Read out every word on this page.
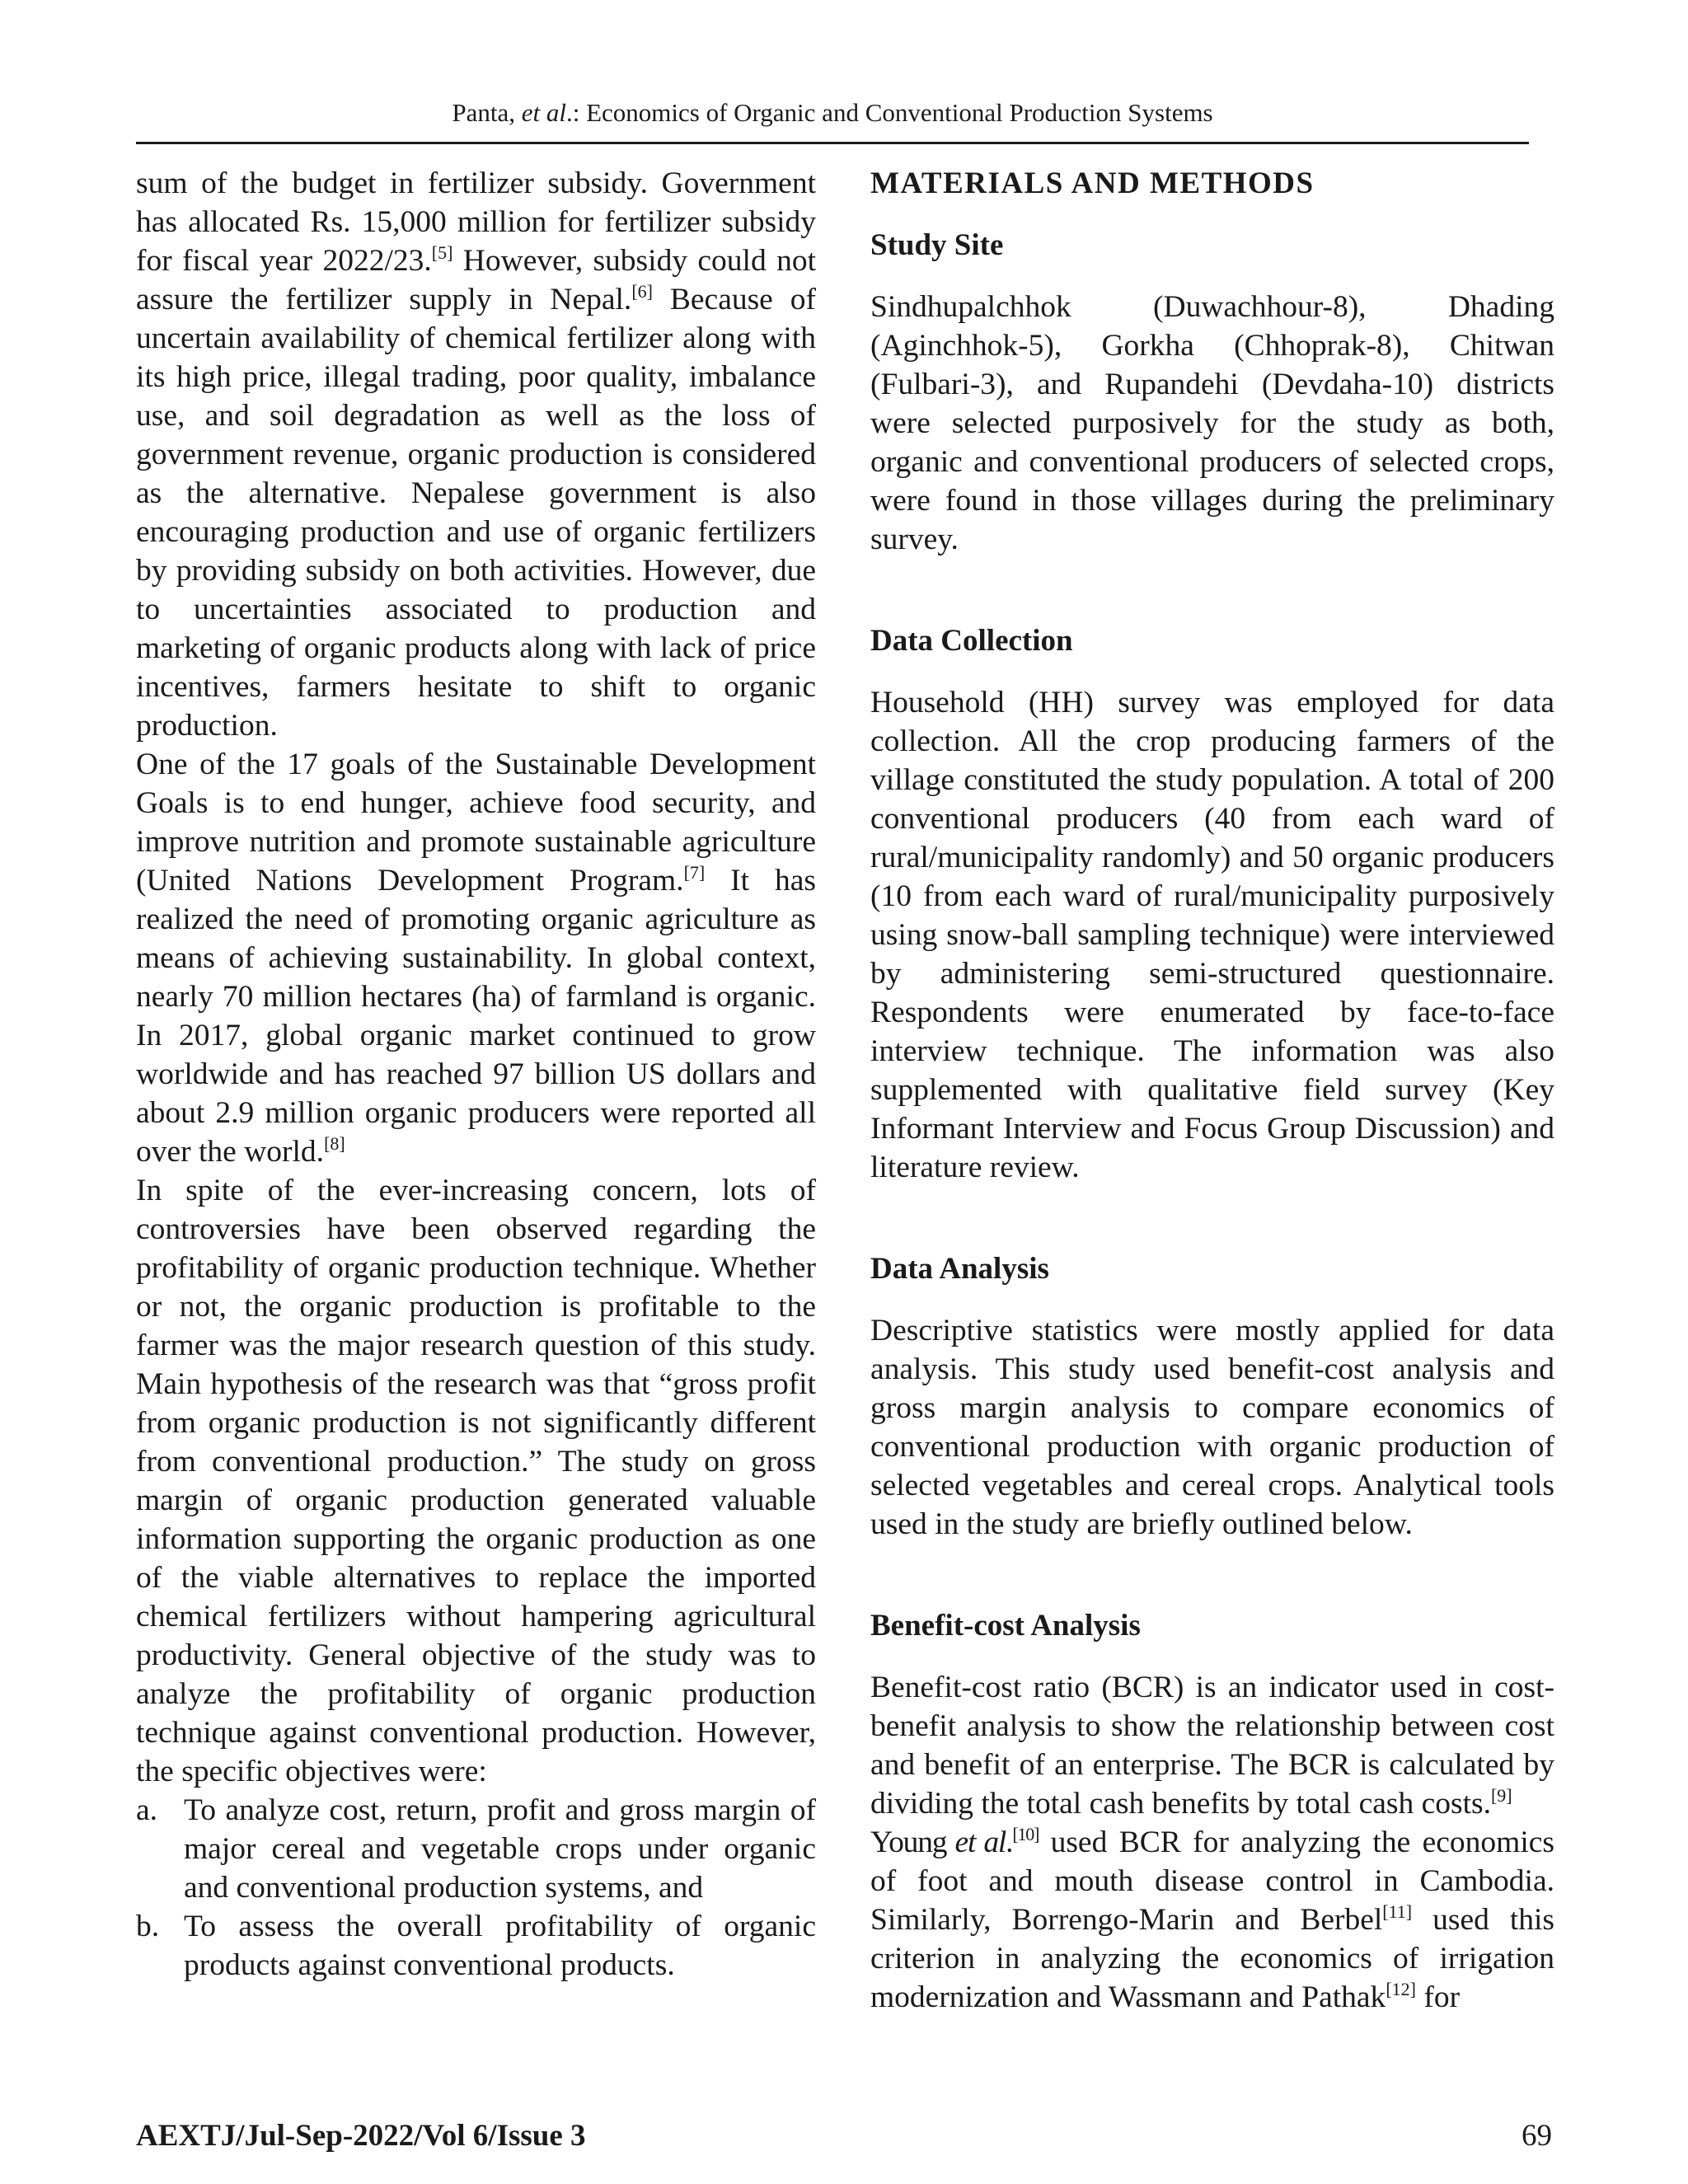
Panta, et al.: Economics of Organic and Conventional Production Systems

sum of the budget in fertilizer subsidy. Government has allocated Rs. 15,000 million for fertilizer subsidy for fiscal year 2022/23.[5] However, subsidy could not assure the fertilizer supply in Nepal.[6] Because of uncertain availability of chemical fertilizer along with its high price, illegal trading, poor quality, imbalance use, and soil degradation as well as the loss of government revenue, organic production is considered as the alternative. Nepalese government is also encouraging production and use of organic fertilizers by providing subsidy on both activities. However, due to uncertainties associated to production and marketing of organic products along with lack of price incentives, farmers hesitate to shift to organic production.

One of the 17 goals of the Sustainable Development Goals is to end hunger, achieve food security, and improve nutrition and promote sustainable agriculture (United Nations Development Program.[7] It has realized the need of promoting organic agriculture as means of achieving sustainability. In global context, nearly 70 million hectares (ha) of farmland is organic. In 2017, global organic market continued to grow worldwide and has reached 97 billion US dollars and about 2.9 million organic producers were reported all over the world.[8]

In spite of the ever-increasing concern, lots of controversies have been observed regarding the profitability of organic production technique. Whether or not, the organic production is profitable to the farmer was the major research question of this study. Main hypothesis of the research was that “gross profit from organic production is not significantly different from conventional production.” The study on gross margin of organic production generated valuable information supporting the organic production as one of the viable alternatives to replace the imported chemical fertilizers without hampering agricultural productivity. General objective of the study was to analyze the profitability of organic production technique against conventional production. However, the specific objectives were:

a. To analyze cost, return, profit and gross margin of major cereal and vegetable crops under organic and conventional production systems, and
b. To assess the overall profitability of organic products against conventional products.
MATERIALS AND METHODS
Study Site

Sindhupalchhok (Duwachhour-8), Dhading (Aginchhok-5), Gorkha (Chhoprak-8), Chitwan (Fulbari-3), and Rupandehi (Devdaha-10) districts were selected purposively for the study as both, organic and conventional producers of selected crops, were found in those villages during the preliminary survey.

Data Collection

Household (HH) survey was employed for data collection. All the crop producing farmers of the village constituted the study population. A total of 200 conventional producers (40 from each ward of rural/municipality randomly) and 50 organic producers (10 from each ward of rural/municipality purposively using snow-ball sampling technique) were interviewed by administering semi-structured questionnaire. Respondents were enumerated by face-to-face interview technique. The information was also supplemented with qualitative field survey (Key Informant Interview and Focus Group Discussion) and literature review.

Data Analysis

Descriptive statistics were mostly applied for data analysis. This study used benefit-cost analysis and gross margin analysis to compare economics of conventional production with organic production of selected vegetables and cereal crops. Analytical tools used in the study are briefly outlined below.

Benefit-cost Analysis

Benefit-cost ratio (BCR) is an indicator used in cost-benefit analysis to show the relationship between cost and benefit of an enterprise. The BCR is calculated by dividing the total cash benefits by total cash costs.[9]

Young et al.[10] used BCR for analyzing the economics of foot and mouth disease control in Cambodia. Similarly, Borrengo-Marin and Berbel[11] used this criterion in analyzing the economics of irrigation modernization and Wassmann and Pathak[12] for

AEXTJ/Jul-Sep-2022/Vol 6/Issue 3	69
